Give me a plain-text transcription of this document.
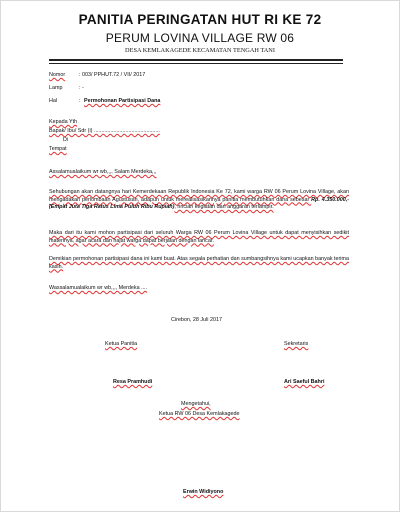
PANITIA PERINGATAN HUT RI KE 72
PERUM LOVINA VILLAGE RW 06
DESA KEMLAKAGEDE KECAMATAN TENGAH TANI
Nomor	: 003/ PPHUT.72 / VII/ 2017
Lamp	: -
Hal	: Permohonan Partisipasi Dana
Kepada Yth
Bapak/ Ibu/ Sdr (i) ............................................
Di
Tempat
Assalamualaikum wr wb,,,, Salam Merdeka,,,
Sehubungan akan datangnya hari Kemerdekaan Republik Indonesia Ke 72, kami warga RW 06 Perum Lovina Village, akan mengadakan perlombaan Agustusan, adapun untuk merealisasikannya panitia membutuhkan dana sebesar Rp. 4.350.000,- (Empat Juta Tiga Ratus Lima Puluh Ribu Rupiah), rincian kegiatan dan anggaran terlampir.
Maka dari itu kami mohon partisipasi dari seluruh Warga RW 06 Perum Lovina Village untuk dapat menyisihkan sedikit materinya, agar acara dan hajat warga dapat berjalan dengan lancar.
Demikian permohonan partisipasi dana ini kami buat. Atas segala perhatian dan sumbangsihnya kami ucapkan banyak terima kasih.
Wassalamualaikum wr wb,,,, Merdeka ....
Cirebon, 28 Juli 2017
Ketua Panitia	Sekretaris
Resa Pramhudi	Ari Saeful Bahri
Mengetahui,
Ketua RW 06 Desa Kemlakagede
Erwin Widiyono
